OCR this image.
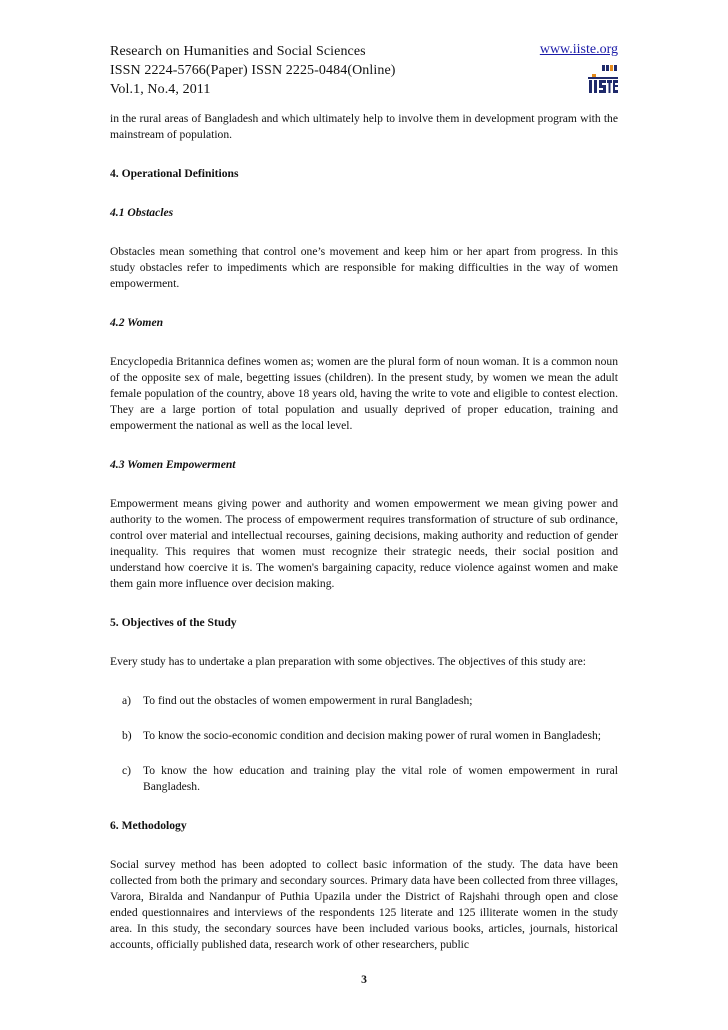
Research on Humanities and Social Sciences
ISSN 2224-5766(Paper) ISSN 2225-0484(Online)
Vol.1, No.4, 2011
www.iiste.org

in the rural areas of Bangladesh and which ultimately help to involve them in development program with the mainstream of population.

4. Operational Definitions
4.1 Obstacles

Obstacles mean something that control one’s movement and keep him or her apart from progress. In this study obstacles refer to impediments which are responsible for making difficulties in the way of women empowerment.

4.2 Women

Encyclopedia Britannica defines women as; women are the plural form of noun woman. It is a common noun of the opposite sex of male, begetting issues (children). In the present study, by women we mean the adult female population of the country, above 18 years old, having the write to vote and eligible to contest election. They are a large portion of total population and usually deprived of proper education, training and empowerment the national as well as the local level.

4.3 Women Empowerment

Empowerment means giving power and authority and women empowerment we mean giving power and authority to the women. The process of empowerment requires transformation of structure of sub ordinance, control over material and intellectual recourses, gaining decisions, making authority and reduction of gender inequality. This requires that women must recognize their strategic needs, their social position and understand how coercive it is. The women's bargaining capacity, reduce violence against women and make them gain more influence over decision making.

5. Objectives of the Study

Every study has to undertake a plan preparation with some objectives. The objectives of this study are:

a)	To find out the obstacles of women empowerment in rural Bangladesh;
b) To know the socio-economic condition and decision making power of rural women in Bangladesh;
c)	To know the how education and training play the vital role of women empowerment in rural Bangladesh.
6. Methodology

Social survey method has been adopted to collect basic information of the study. The data have been collected from both the primary and secondary sources. Primary data have been collected from three villages, Varora, Biralda and Nandanpur of Puthia Upazila under the District of Rajshahi through open and close ended questionnaires and interviews of the respondents 125 literate and 125 illiterate women in the study area. In this study, the secondary sources have been included various books, articles, journals, historical accounts, officially published data, research work of other researchers, public

3
